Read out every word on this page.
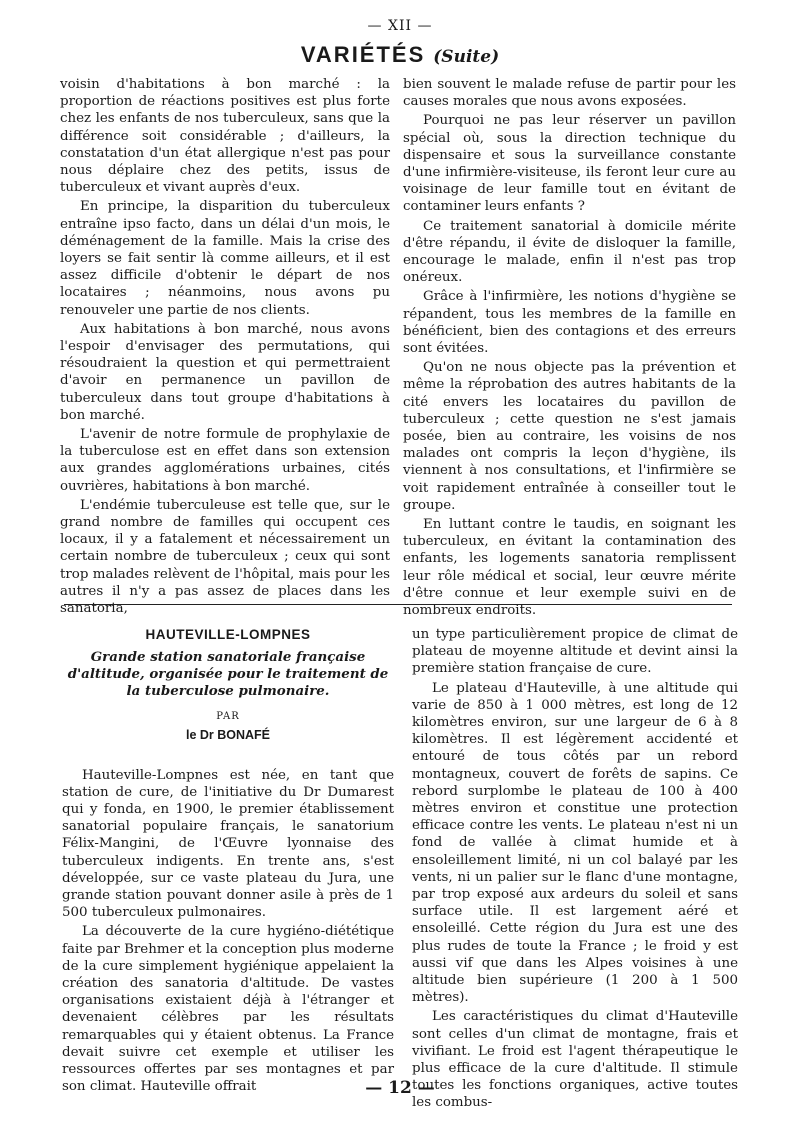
— XII —
VARIÉTÉS (Suite)

voisin d'habitations à bon marché : la proportion de réactions positives est plus forte chez les enfants de nos tuberculeux, sans que la différence soit considérable ; d'ailleurs, la constatation d'un état allergique n'est pas pour nous déplaire chez des petits, issus de tuberculeux et vivant auprès d'eux.

En principe, la disparition du tuberculeux entraîne ipso facto, dans un délai d'un mois, le déménagement de la famille. Mais la crise des loyers se fait sentir là comme ailleurs, et il est assez difficile d'obtenir le départ de nos locataires ; néanmoins, nous avons pu renouveler une partie de nos clients.

Aux habitations à bon marché, nous avons l'espoir d'envisager des permutations, qui résoudraient la question et qui permettraient d'avoir en permanence un pavillon de tuberculeux dans tout groupe d'habitations à bon marché.

L'avenir de notre formule de prophylaxie de la tuberculose est en effet dans son extension aux grandes agglomérations urbaines, cités ouvrières, habitations à bon marché.

L'endémie tuberculeuse est telle que, sur le grand nombre de familles qui occupent ces locaux, il y a fatalement et nécessairement un certain nombre de tuberculeux ; ceux qui sont trop malades relèvent de l'hôpital, mais pour les autres il n'y a pas assez de places dans les sanatoria,

bien souvent le malade refuse de partir pour les causes morales que nous avons exposées.

Pourquoi ne pas leur réserver un pavillon spécial où, sous la direction technique du dispensaire et sous la surveillance constante d'une infirmière-visiteuse, ils feront leur cure au voisinage de leur famille tout en évitant de contaminer leurs enfants ?

Ce traitement sanatorial à domicile mérite d'être répandu, il évite de disloquer la famille, encourage le malade, enfin il n'est pas trop onéreux.

Grâce à l'infirmière, les notions d'hygiène se répandent, tous les membres de la famille en bénéficient, bien des contagions et des erreurs sont évitées.

Qu'on ne nous objecte pas la prévention et même la réprobation des autres habitants de la cité envers les locataires du pavillon de tuberculeux ; cette question ne s'est jamais posée, bien au contraire, les voisins de nos malades ont compris la leçon d'hygiène, ils viennent à nos consultations, et l'infirmière se voit rapidement entraînée à conseiller tout le groupe.

En luttant contre le taudis, en soignant les tuberculeux, en évitant la contamination des enfants, les logements sanatoria remplissent leur rôle médical et social, leur œuvre mérite d'être connue et leur exemple suivi en de nombreux endroits.

HAUTEVILLE-LOMPNES
Grande station sanatoriale française d'altitude, organisée pour le traitement de la tuberculose pulmonaire.
PAR
le Dr BONAFÉ

Hauteville-Lompnes est née, en tant que station de cure, de l'initiative du Dr Dumarest qui y fonda, en 1900, le premier établissement sanatorial populaire français, le sanatorium Félix-Mangini, de l'Œuvre lyonnaise des tuberculeux indigents. En trente ans, s'est développée, sur ce vaste plateau du Jura, une grande station pouvant donner asile à près de 1 500 tuberculeux pulmonaires.

La découverte de la cure hygiéno-diététique faite par Brehmer et la conception plus moderne de la cure simplement hygiénique appelaient la création des sanatoria d'altitude. De vastes organisations existaient déjà à l'étranger et devenaient célèbres par les résultats remarquables qui y étaient obtenus. La France devait suivre cet exemple et utiliser les ressources offertes par ses montagnes et par son climat. Hauteville offrait

un type particulièrement propice de climat de plateau de moyenne altitude et devint ainsi la première station française de cure.

Le plateau d'Hauteville, à une altitude qui varie de 850 à 1 000 mètres, est long de 12 kilomètres environ, sur une largeur de 6 à 8 kilomètres. Il est légèrement accidenté et entouré de tous côtés par un rebord montagneux, couvert de forêts de sapins. Ce rebord surplombe le plateau de 100 à 400 mètres environ et constitue une protection efficace contre les vents. Le plateau n'est ni un fond de vallée à climat humide et à ensoleillement limité, ni un col balayé par les vents, ni un palier sur le flanc d'une montagne, par trop exposé aux ardeurs du soleil et sans surface utile. Il est largement aéré et ensoleillé. Cette région du Jura est une des plus rudes de toute la France ; le froid y est aussi vif que dans les Alpes voisines à une altitude bien supérieure (1 200 à 1 500 mètres).

Les caractéristiques du climat d'Hauteville sont celles d'un climat de montagne, frais et vivifiant. Le froid est l'agent thérapeutique le plus efficace de la cure d'altitude. Il stimule toutes les fonctions organiques, active toutes les combus-

— 12 —
